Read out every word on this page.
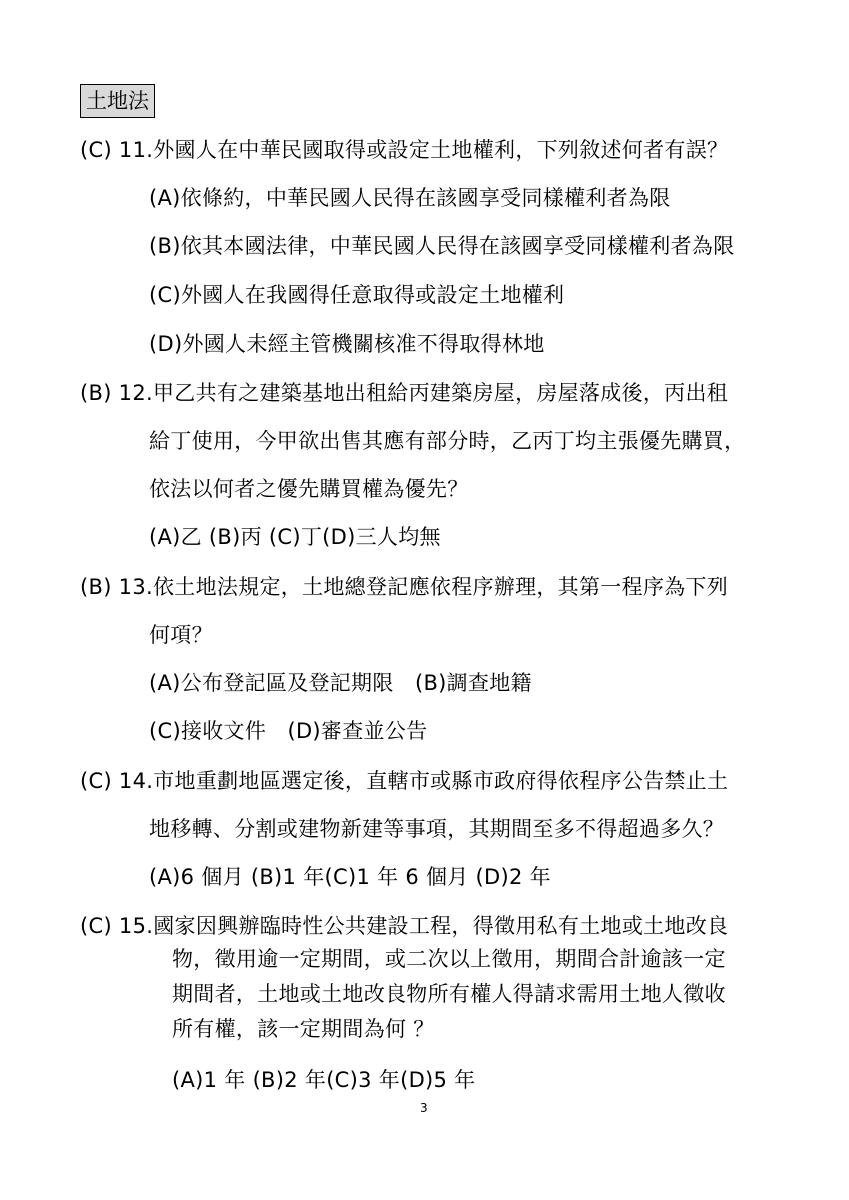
土地法
(C) 11.外國人在中華民國取得或設定土地權利，下列敘述何者有誤？
(A)依條約，中華民國人民得在該國享受同樣權利者為限
(B)依其本國法律，中華民國人民得在該國享受同樣權利者為限
(C)外國人在我國得任意取得或設定土地權利
(D)外國人未經主管機關核准不得取得林地
(B) 12.甲乙共有之建築基地出租給丙建築房屋，房屋落成後，丙出租
給丁使用，今甲欲出售其應有部分時，乙丙丁均主張優先購買，
依法以何者之優先購買權為優先？
(A)乙 (B)丙 (C)丁(D)三人均無
(B) 13.依土地法規定，土地總登記應依程序辦理，其第一程序為下列
何項？
(A)公布登記區及登記期限　(B)調查地籍
(C)接收文件　(D)審查並公告
(C) 14.市地重劃地區選定後，直轄市或縣市政府得依程序公告禁止土
地移轉、分割或建物新建等事項，其期間至多不得超過多久？
(A)6 個月 (B)1 年(C)1 年 6 個月 (D)2 年
(C) 15.國家因興辦臨時性公共建設工程，得徵用私有土地或土地改良
物，徵用逾一定期間，或二次以上徵用，期間合計逾該一定
期間者，土地或土地改良物所有權人得請求需用土地人徵收
所有權，該一定期間為何 ？
(A)1 年 (B)2 年(C)3 年(D)5 年
3
